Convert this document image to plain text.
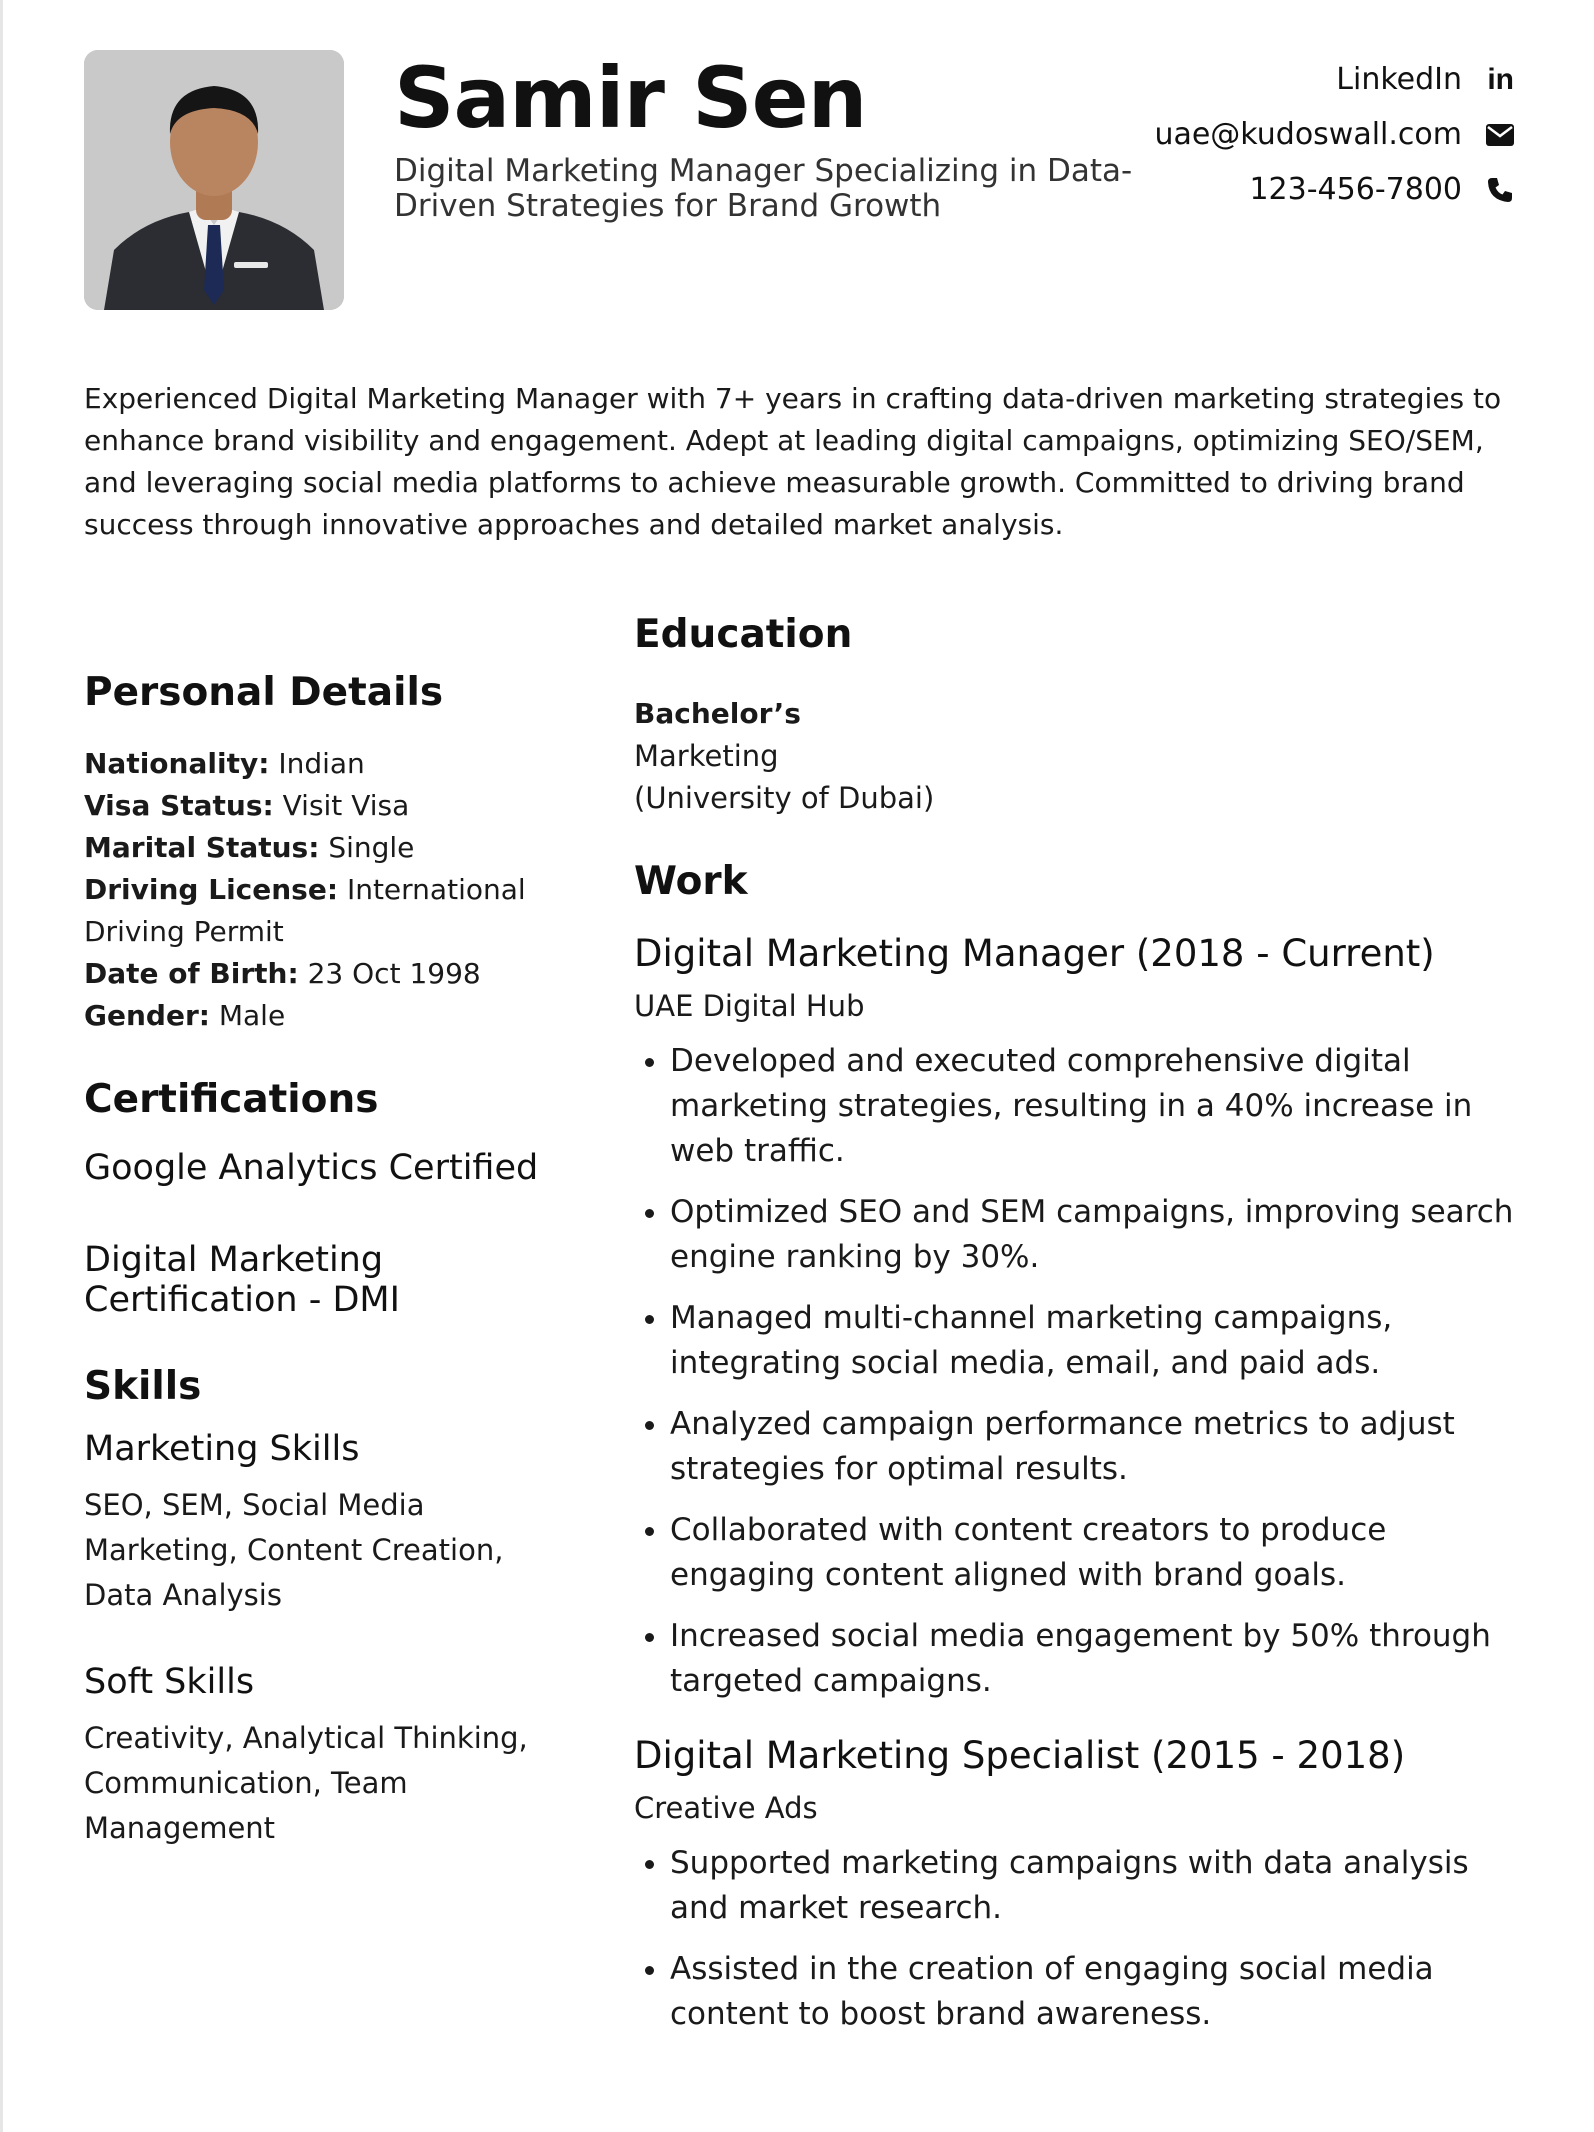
Samir Sen
Digital Marketing Manager Specializing in Data-Driven Strategies for Brand Growth
LinkedIn in
uae@kudoswall.com
123-456-7800
Experienced Digital Marketing Manager with 7+ years in crafting data-driven marketing strategies to enhance brand visibility and engagement. Adept at leading digital campaigns, optimizing SEO/SEM, and leveraging social media platforms to achieve measurable growth. Committed to driving brand success through innovative approaches and detailed market analysis.
Personal Details
Nationality: Indian
Visa Status: Visit Visa
Marital Status: Single
Driving License: International Driving Permit
Date of Birth: 23 Oct 1998
Gender: Male
Certifications
Google Analytics Certified
Digital Marketing Certification - DMI
Skills
Marketing Skills
SEO, SEM, Social Media Marketing, Content Creation, Data Analysis
Soft Skills
Creativity, Analytical Thinking, Communication, Team Management
Education
Bachelor’s
Marketing
(University of Dubai)
Work
Digital Marketing Manager (2018 - Current)
UAE Digital Hub
• Developed and executed comprehensive digital marketing strategies, resulting in a 40% increase in web traffic.
• Optimized SEO and SEM campaigns, improving search engine ranking by 30%.
• Managed multi-channel marketing campaigns, integrating social media, email, and paid ads.
• Analyzed campaign performance metrics to adjust strategies for optimal results.
• Collaborated with content creators to produce engaging content aligned with brand goals.
• Increased social media engagement by 50% through targeted campaigns.
Digital Marketing Specialist (2015 - 2018)
Creative Ads
• Supported marketing campaigns with data analysis and market research.
• Assisted in the creation of engaging social media content to boost brand awareness.
